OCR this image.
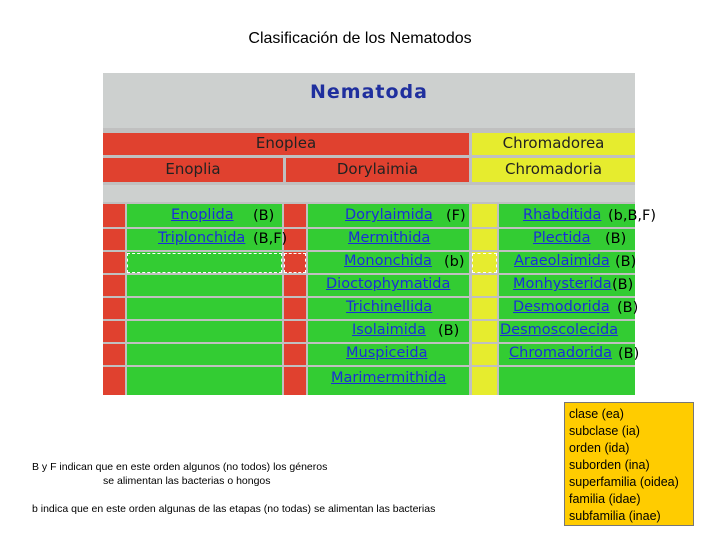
Clasificación de los Nematodos
Nematoda
Enoplea	Chromadorea
Enoplia	Dorylaimia	Chromadoria
Enoplida (B)
Triplonchida (B,F)
Dorylaimida (F)
Mermithida
Mononchida (b)
Dioctophymatida
Trichinellida
Isolaimida (B)
Muspiceida
Marimermithida
Rhabditida (b,B,F)
Plectida (B)
Araeolaimida (B)
Monhysterida (B)
Desmodorida (B)
Desmoscolecida
Chromadorida (B)
B y F indican que en este orden algunos (no todos) los géneros
se alimentan las bacterias o hongos
b indica que en este orden algunas de las etapas (no todas) se alimentan las bacterias
clase (ea)
subclase (ia)
orden (ida)
suborden (ina)
superfamilia (oidea)
familia (idae)
subfamilia (inae)
